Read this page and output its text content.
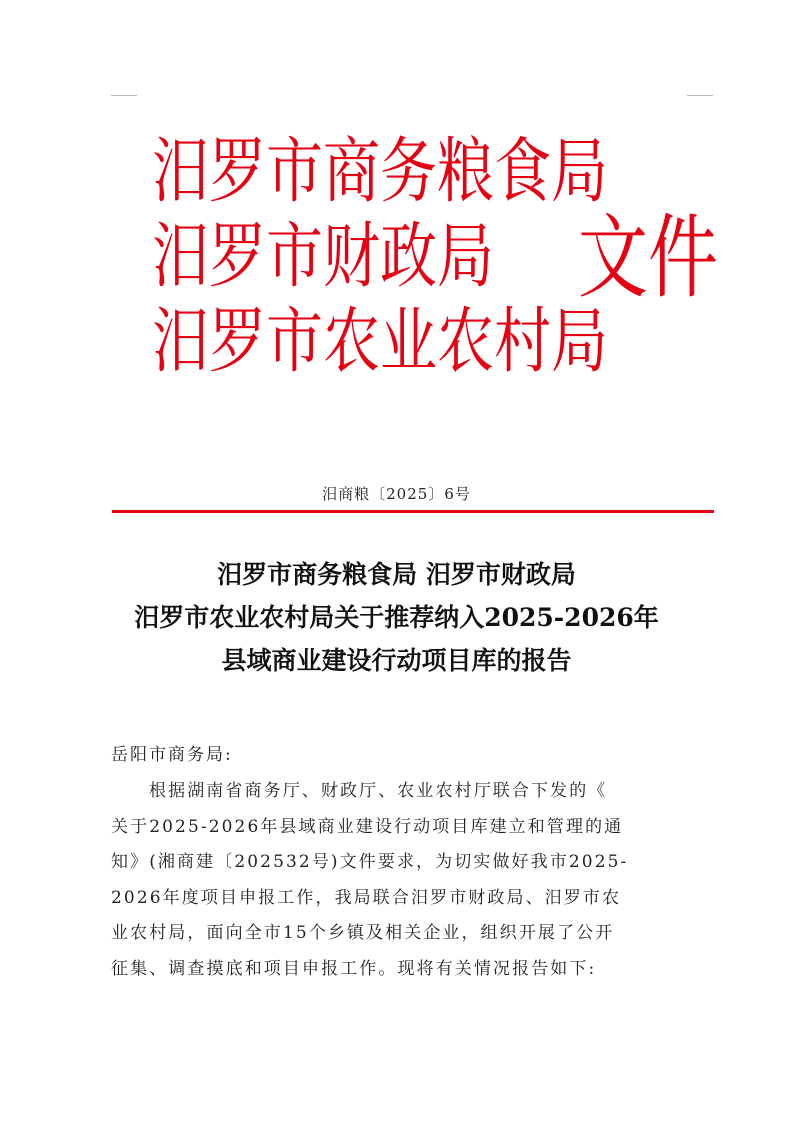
汨罗市商务粮食局
汨罗市财政局
汨罗市农业农村局
文件
汨商粮〔2025〕6号
汨罗市商务粮食局 汨罗市财政局
汨罗市农业农村局关于推荐纳入2025-2026年
县域商业建设行动项目库的报告
岳阳市商务局:
根据湖南省商务厅、财政厅、农业农村厅联合下发的《
关于2025-2026年县域商业建设行动项目库建立和管理的通
知》(湘商建〔202532号)文件要求，为切实做好我市2025-
2026年度项目申报工作，我局联合汨罗市财政局、汨罗市农
业农村局，面向全市15个乡镇及相关企业，组织开展了公开
征集、调查摸底和项目申报工作。现将有关情况报告如下:
